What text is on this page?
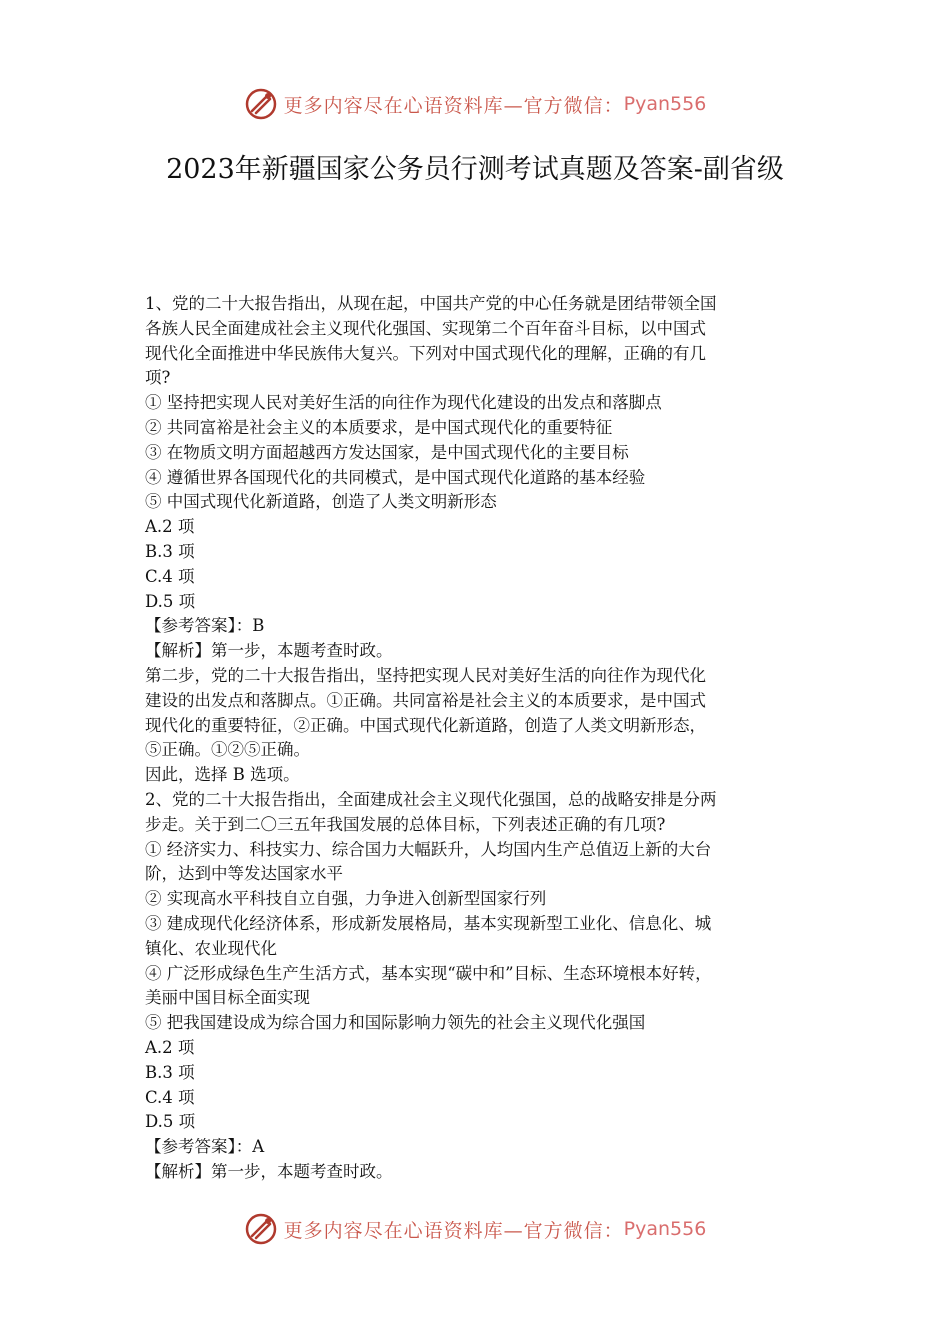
更多内容尽在心语资料库—官方微信： Pyan556
2023年新疆国家公务员行测考试真题及答案-副省级
1、党的二十大报告指出，从现在起，中国共产党的中心任务就是团结带领全国
各族人民全面建成社会主义现代化强国、实现第二个百年奋斗目标，以中国式
现代化全面推进中华民族伟大复兴。下列对中国式现代化的理解，正确的有几
项?
① 坚持把实现人民对美好生活的向往作为现代化建设的出发点和落脚点
② 共同富裕是社会主义的本质要求，是中国式现代化的重要特征
③ 在物质文明方面超越西方发达国家，是中国式现代化的主要目标
④ 遵循世界各国现代化的共同模式，是中国式现代化道路的基本经验
⑤ 中国式现代化新道路，创造了人类文明新形态
A.2 项
B.3 项
C.4 项
D.5 项
【参考答案】：B
【解析】第一步，本题考查时政。
第二步，党的二十大报告指出，坚持把实现人民对美好生活的向往作为现代化
建设的出发点和落脚点。①正确。共同富裕是社会主义的本质要求，是中国式
现代化的重要特征，②正确。中国式现代化新道路，创造了人类文明新形态，
⑤正确。①②⑤正确。
因此，选择 B 选项。
2、党的二十大报告指出，全面建成社会主义现代化强国，总的战略安排是分两
步走。关于到二〇三五年我国发展的总体目标，下列表述正确的有几项?
① 经济实力、科技实力、综合国力大幅跃升，人均国内生产总值迈上新的大台
阶，达到中等发达国家水平
② 实现高水平科技自立自强，力争进入创新型国家行列
③ 建成现代化经济体系，形成新发展格局，基本实现新型工业化、信息化、城
镇化、农业现代化
④ 广泛形成绿色生产生活方式，基本实现“碳中和”目标、生态环境根本好转，
美丽中国目标全面实现
⑤ 把我国建设成为综合国力和国际影响力领先的社会主义现代化强国
A.2 项
B.3 项
C.4 项
D.5 项
【参考答案】：A
【解析】第一步，本题考查时政。
更多内容尽在心语资料库—官方微信： Pyan556
